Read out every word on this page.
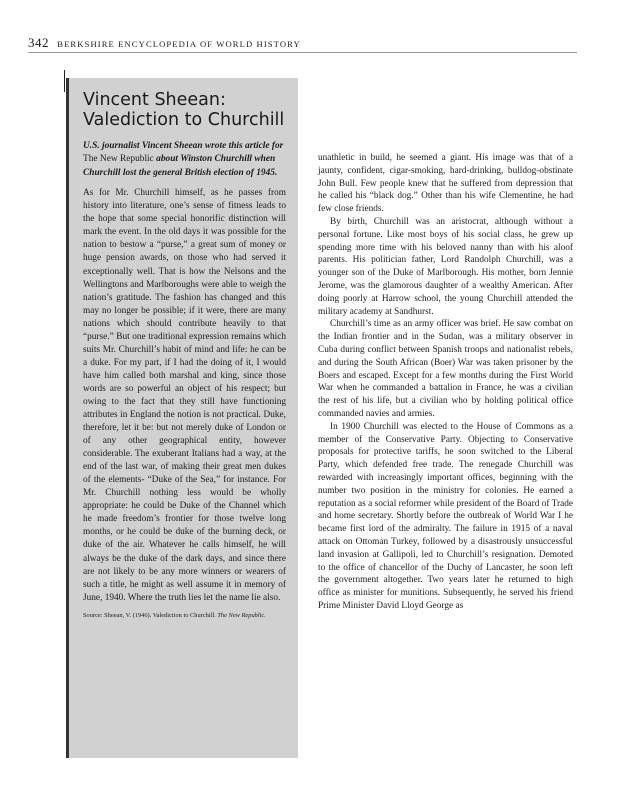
342 BERKSHIRE ENCYCLOPEDIA OF WORLD HISTORY
Vincent Sheean:
Valediction to Churchill

U.S. journalist Vincent Sheean wrote this article for The New Republic about Winston Churchill when Churchill lost the general British election of 1945.

As for Mr. Churchill himself, as he passes from history into literature, one’s sense of fitness leads to the hope that some special honorific distinction will mark the event. In the old days it was possible for the nation to bestow a “purse,” a great sum of money or huge pension awards, on those who had served it exceptionally well. That is how the Nelsons and the Wellingtons and Marlboroughs were able to weigh the nation’s gratitude. The fashion has changed and this may no longer be possible; if it were, there are many nations which should contribute heavily to that “purse.” But one traditional expression remains which suits Mr. Churchill’s habit of mind and life: he can be a duke. For my part, if I had the doing of it, I would have him called both marshal and king, since those words are so powerful an object of his respect; but owing to the fact that they still have functioning attributes in England the notion is not practical. Duke, therefore, let it be: but not merely duke of London or of any other geographical entity, however considerable. The exuberant Italians had a way, at the end of the last war, of making their great men dukes of the elements- “Duke of the Sea,” for instance. For Mr. Churchill nothing less would be wholly appropriate: he could be Duke of the Channel which he made freedom’s frontier for those twelve long months, or he could be duke of the burning deck, or duke of the air. Whatever he calls himself, he will always be the duke of the dark days, and since there are not likely to be any more winners or wearers of such a title, he might as well assume it in memory of June, 1940. Where the truth lies let the name lie also.

Source: Sheean, V. (1946). Valediction to Churchill. The New Republic.

unathletic in build, he seemed a giant. His image was that of a jaunty, confident, cigar-smoking, hard-drinking, bulldog-obstinate John Bull. Few people knew that he suffered from depression that he called his “black dog.” Other than his wife Clementine, he had few close friends.

By birth, Churchill was an aristocrat, although without a personal fortune. Like most boys of his social class, he grew up spending more time with his beloved nanny than with his aloof parents. His politician father, Lord Randolph Churchill, was a younger son of the Duke of Marlborough. His mother, born Jennie Jerome, was the glamorous daughter of a wealthy American. After doing poorly at Harrow school, the young Churchill attended the military academy at Sandhurst.

Churchill’s time as an army officer was brief. He saw combat on the Indian frontier and in the Sudan, was a military observer in Cuba during conflict between Spanish troops and nationalist rebels, and during the South African (Boer) War was taken prisoner by the Boers and escaped. Except for a few months during the First World War when he commanded a battalion in France, he was a civilian the rest of his life, but a civilian who by holding political office commanded navies and armies.

In 1900 Churchill was elected to the House of Commons as a member of the Conservative Party. Objecting to Conservative proposals for protective tariffs, he soon switched to the Liberal Party, which defended free trade. The renegade Churchill was rewarded with increasingly important offices, beginning with the number two position in the ministry for colonies. He earned a reputation as a social reformer while president of the Board of Trade and home secretary. Shortly before the outbreak of World War I he became first lord of the admiralty. The failure in 1915 of a naval attack on Ottoman Turkey, followed by a disastrously unsuccessful land invasion at Gallipoli, led to Churchill’s resignation. Demoted to the office of chancellor of the Duchy of Lancaster, he soon left the government altogether. Two years later he returned to high office as minister for munitions. Subsequently, he served his friend Prime Minister David Lloyd George as
